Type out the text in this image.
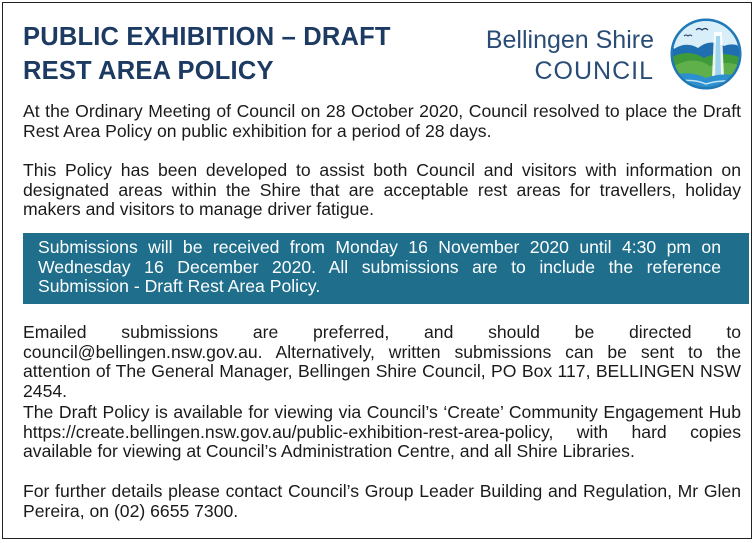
PUBLIC EXHIBITION – DRAFT
REST AREA POLICY
Bellingen Shire
COUNCIL

At the Ordinary Meeting of Council on 28 October 2020, Council resolved to place the Draft Rest Area Policy on public exhibition for a period of 28 days.

This Policy has been developed to assist both Council and visitors with information on designated areas within the Shire that are acceptable rest areas for travellers, holiday makers and visitors to manage driver fatigue.

Submissions will be received from Monday 16 November 2020 until 4:30 pm on Wednesday 16 December 2020. All submissions are to include the reference Submission - Draft Rest Area Policy.

Emailed submissions are preferred, and should be directed to council@bellingen.nsw.gov.au. Alternatively, written submissions can be sent to the attention of The General Manager, Bellingen Shire Council, PO Box 117, BELLINGEN NSW 2454.

The Draft Policy is available for viewing via Council’s ‘Create’ Community Engagement Hub https://create.bellingen.nsw.gov.au/public-exhibition-rest-area-policy, with hard copies available for viewing at Council’s Administration Centre, and all Shire Libraries.

For further details please contact Council’s Group Leader Building and Regulation, Mr Glen Pereira, on (02) 6655 7300.
